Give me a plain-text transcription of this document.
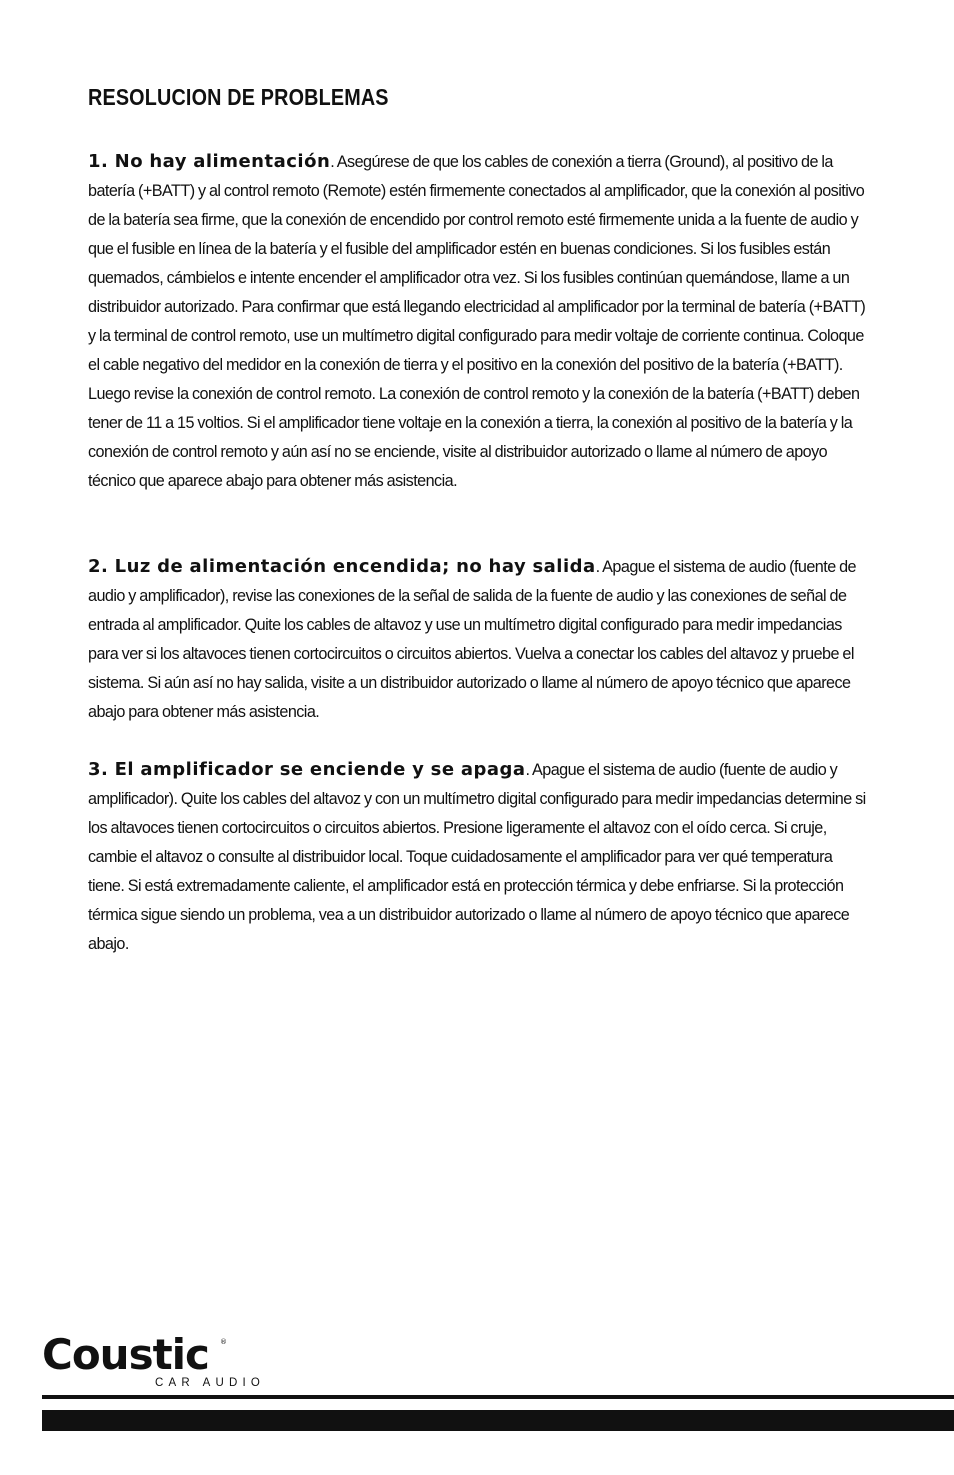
RESOLUCION DE PROBLEMAS

1. No hay alimentación. Asegúrese de que los cables de conexión a tierra (Ground), al positivo de la batería (+BATT) y al control remoto (Remote) estén firmemente conectados al amplificador, que la conexión al positivo de la batería sea firme, que la conexión de encendido por control remoto esté firmemente unida a la fuente de audio y que el fusible en línea de la batería y el fusible del amplificador estén en buenas condiciones. Si los fusibles están quemados, cámbielos e intente encender el amplificador otra vez. Si los fusibles continúan quemándose, llame a un distribuidor autorizado. Para confirmar que está llegando electricidad al amplificador por la terminal de batería (+BATT) y la terminal de control remoto, use un multímetro digital configurado para medir voltaje de corriente continua. Coloque el cable negativo del medidor en la conexión de tierra y el positivo en la conexión del positivo de la batería (+BATT). Luego revise la conexión de control remoto. La conexión de control remoto y la conexión de la batería (+BATT) deben tener de 11 a 15 voltios. Si el amplificador tiene voltaje en la conexión a tierra, la conexión al positivo de la batería y la conexión de control remoto y aún así no se enciende, visite al distribuidor autorizado o llame al número de apoyo técnico que aparece abajo para obtener más asistencia.

2. Luz de alimentación encendida; no hay salida. Apague el sistema de audio (fuente de audio y amplificador), revise las conexiones de la señal de salida de la fuente de audio y las conexiones de señal de entrada al amplificador. Quite los cables de altavoz y use un multímetro digital configurado para medir impedancias para ver si los altavoces tienen cortocircuitos o circuitos abiertos. Vuelva a conectar los cables del altavoz y pruebe el sistema. Si aún así no hay salida, visite a un distribuidor autorizado o llame al número de apoyo técnico que aparece abajo para obtener más asistencia.

3. El amplificador se enciende y se apaga. Apague el sistema de audio (fuente de audio y amplificador). Quite los cables del altavoz y con un multímetro digital configurado para medir impedancias determine si los altavoces tienen cortocircuitos o circuitos abiertos. Presione ligeramente el altavoz con el oído cerca. Si cruje, cambie el altavoz o consulte al distribuidor local. Toque cuidadosamente el amplificador para ver qué temperatura tiene. Si está extremadamente caliente, el amplificador está en protección térmica y debe enfriarse. Si la protección térmica sigue siendo un problema, vea a un distribuidor autorizado o llame al número de apoyo técnico que aparece abajo.

Coustic ®
CAR AUDIO
